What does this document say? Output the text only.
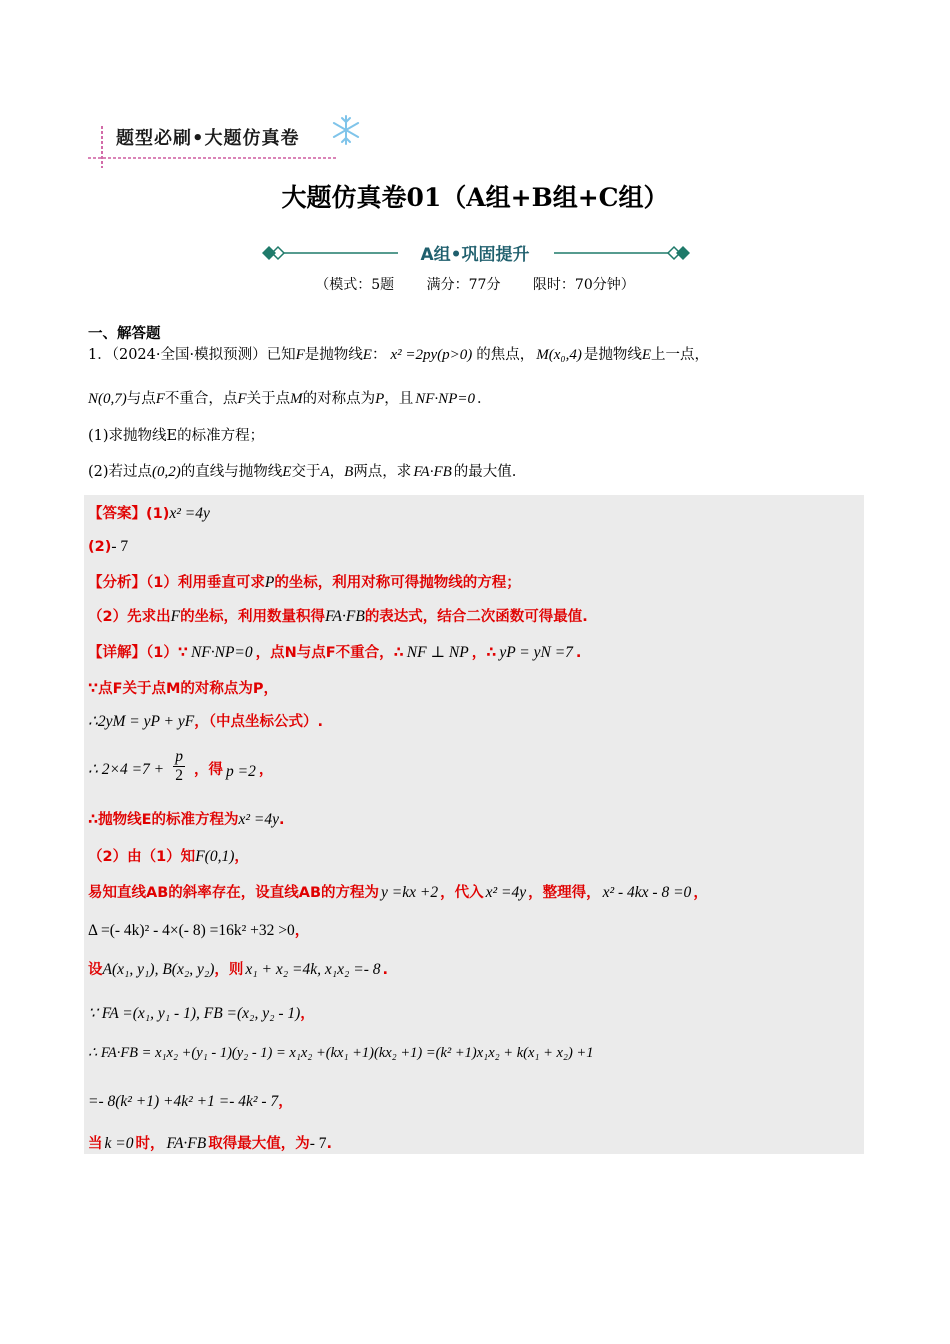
题型必刷•大题仿真卷
大题仿真卷01（A组+B组+C组）
A组•巩固提升
（模式：5题 满分：77分 限时：70分钟）
一、解答题
1．（2024·全国·模拟预测）已知F是抛物线E： x² =2py(p>0) 的焦点， M(x₀,4) 是抛物线E上一点，
N(0,7)与点F不重合，点F关于点M的对称点为P，且 NF·NP=0 ．
(1)求抛物线E的标准方程；
(2)若过点(0,2)的直线与抛物线E交于A，B两点，求 FA·FB 的最大值.
【答案】(1)x² =4y
(2)- 7
【分析】（1）利用垂直可求P的坐标，利用对称可得抛物线的方程；
（2）先求出F的坐标，利用数量积得FA·FB的表达式，结合二次函数可得最值.
【详解】（1）∵ NF·NP=0 ，点N与点F不重合，∴ NF ⊥ NP ，∴ yP = yN =7 .
∵点F关于点M的对称点为P，
∴2yM = yP + yF，（中点坐标公式）.
∴ $2\times 4 =7 + \frac{p}{2}$ ，得 p =2 ，
∴抛物线E的标准方程为x² =4y.
（2）由（1）知F(0,1)，
易知直线AB的斜率存在，设直线AB的方程为 y =kx +2 ，代入 x² =4y ，整理得， x² - 4kx - 8 =0 ，
Δ =(- 4k)² - 4×(- 8) =16k² +32 >0，
设A(x₁, y₁), B(x₂, y₂)，则 x₁ + x₂ =4k, x₁x₂ =- 8 .
∵ FA =(x₁, y₁ - 1), FB =(x₂, y₂ - 1)，
∴ FA·FB = x₁x₂ +(y₁ - 1)(y₂ - 1) = x₁x₂ +(kx₁ +1)(kx₂ +1) =(k² +1)x₁x₂ + k(x₁ + x₂) +1
=- 8(k² +1) +4k² +1 =- 4k² - 7，
当 k =0 时， FA·FB 取得最大值，为- 7.
